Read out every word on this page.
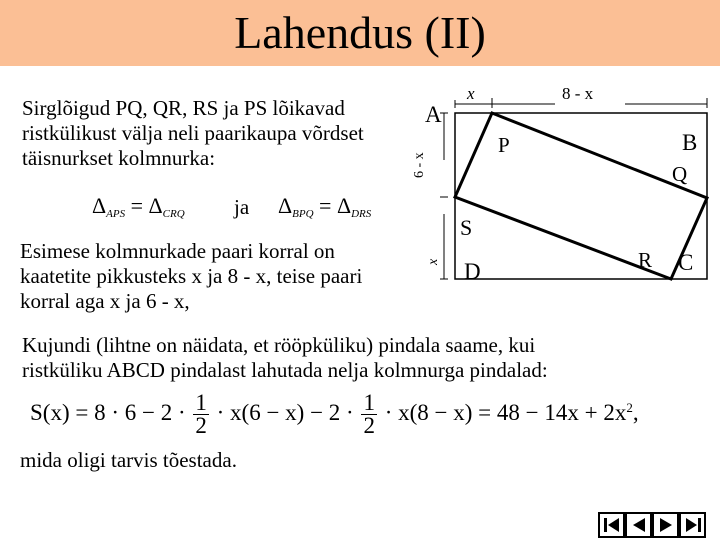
Lahendus (II)
Sirglõigud PQ, QR, RS ja PS lõikavad
ristkülikust välja neli paarikaupa võrdset
täisnurkset kolmnurka:
$\Delta_{APS} = \Delta_{CRQ}$ ja $\Delta_{BPQ} = \Delta_{DRS}$
Esimese kolmnurkade paari korral on
kaatetite pikkusteks x ja 8 - x, teise paari
korral aga x ja 6 - x,
A
B
C
D
P
Q
R
S
x	8 - x
6 - x
x
Kujundi (lihtne on näidata, et rööpküliku) pindala saame, kui
ristküliku ABCD pindalast lahutada nelja kolmnurga pindalad:
$S(x) = 8 \cdot 6 - 2 \cdot \frac{1}{2} \cdot x(6 - x) - 2 \cdot \frac{1}{2} \cdot x(8 - x) = 48 - 14x + 2x^2$,
mida oligi tarvis tõestada.
